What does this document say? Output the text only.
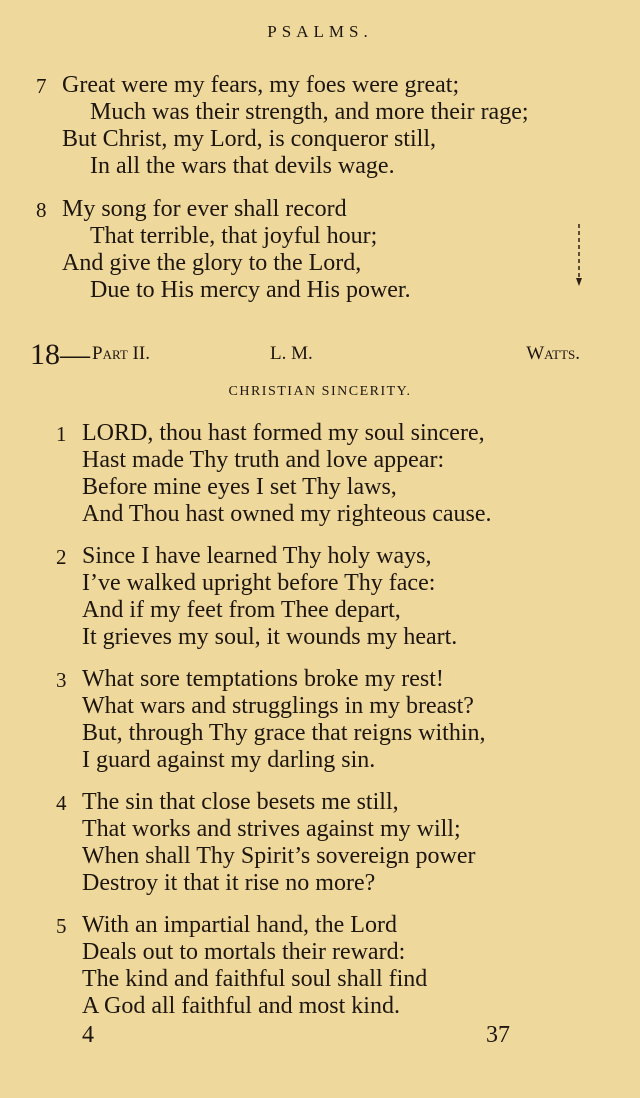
PSALMS.
7 Great were my fears, my foes were great;
Much was their strength, and more their rage;
But Christ, my Lord, is conqueror still,
In all the wars that devils wage.
8 My song for ever shall record
That terrible, that joyful hour;
And give the glory to the Lord,
Due to His mercy and His power.
18— Part II.	L. M.	Watts.
CHRISTIAN SINCERITY.
1 LORD, thou hast formed my soul sincere,
Hast made Thy truth and love appear:
Before mine eyes I set Thy laws,
And Thou hast owned my righteous cause.
2 Since I have learned Thy holy ways,
I’ve walked upright before Thy face:
And if my feet from Thee depart,
It grieves my soul, it wounds my heart.
3 What sore temptations broke my rest!
What wars and strugglings in my breast?
But, through Thy grace that reigns within,
I guard against my darling sin.
4 The sin that close besets me still,
That works and strives against my will;
When shall Thy Spirit’s sovereign power
Destroy it that it rise no more?
5 With an impartial hand, the Lord
Deals out to mortals their reward:
The kind and faithful soul shall find
A God all faithful and most kind.
4	37
